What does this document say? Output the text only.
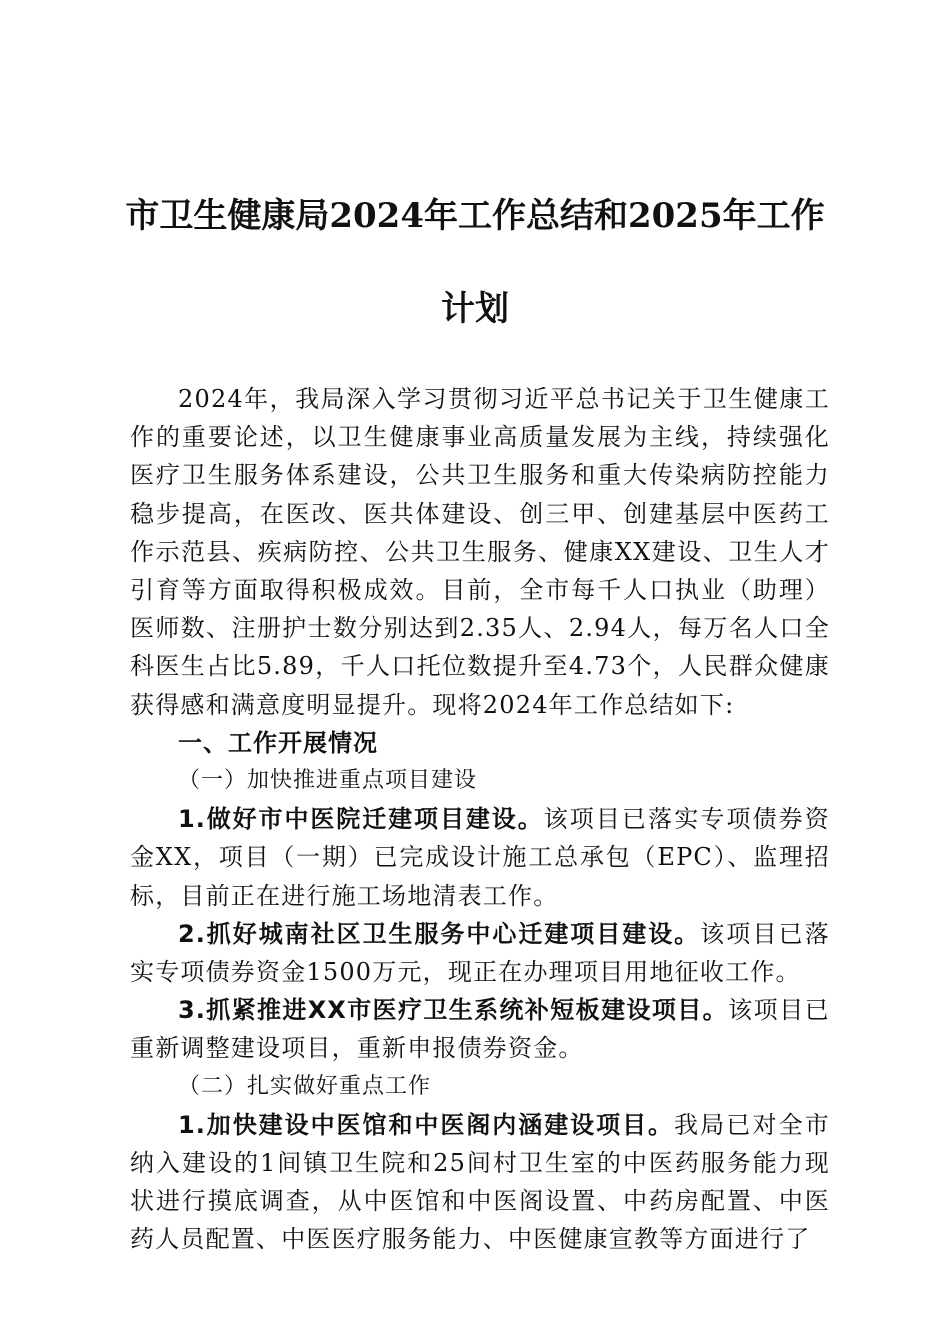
市卫生健康局2024年工作总结和2025年工作
计划

2024年，我局深入学习贯彻习近平总书记关于卫生健康工作的重要论述，以卫生健康事业高质量发展为主线，持续强化医疗卫生服务体系建设，公共卫生服务和重大传染病防控能力稳步提高，在医改、医共体建设、创三甲、创建基层中医药工作示范县、疾病防控、公共卫生服务、健康XX建设、卫生人才引育等方面取得积极成效。目前，全市每千人口执业（助理）医师数、注册护士数分别达到2.35人、2.94人，每万名人口全科医生占比5.89，千人口托位数提升至4.73个，人民群众健康获得感和满意度明显提升。现将2024年工作总结如下:

一、工作开展情况

（一）加快推进重点项目建设

1.做好市中医院迁建项目建设。该项目已落实专项债券资金XX，项目（一期）已完成设计施工总承包（EPC）、监理招标，目前正在进行施工场地清表工作。

2.抓好城南社区卫生服务中心迁建项目建设。该项目已落实专项债券资金1500万元，现正在办理项目用地征收工作。

3.抓紧推进XX市医疗卫生系统补短板建设项目。该项目已重新调整建设项目，重新申报债券资金。

（二）扎实做好重点工作

1.加快建设中医馆和中医阁内涵建设项目。我局已对全市纳入建设的1间镇卫生院和25间村卫生室的中医药服务能力现状进行摸底调查，从中医馆和中医阁设置、中药房配置、中医药人员配置、中医医疗服务能力、中医健康宣教等方面进行了
